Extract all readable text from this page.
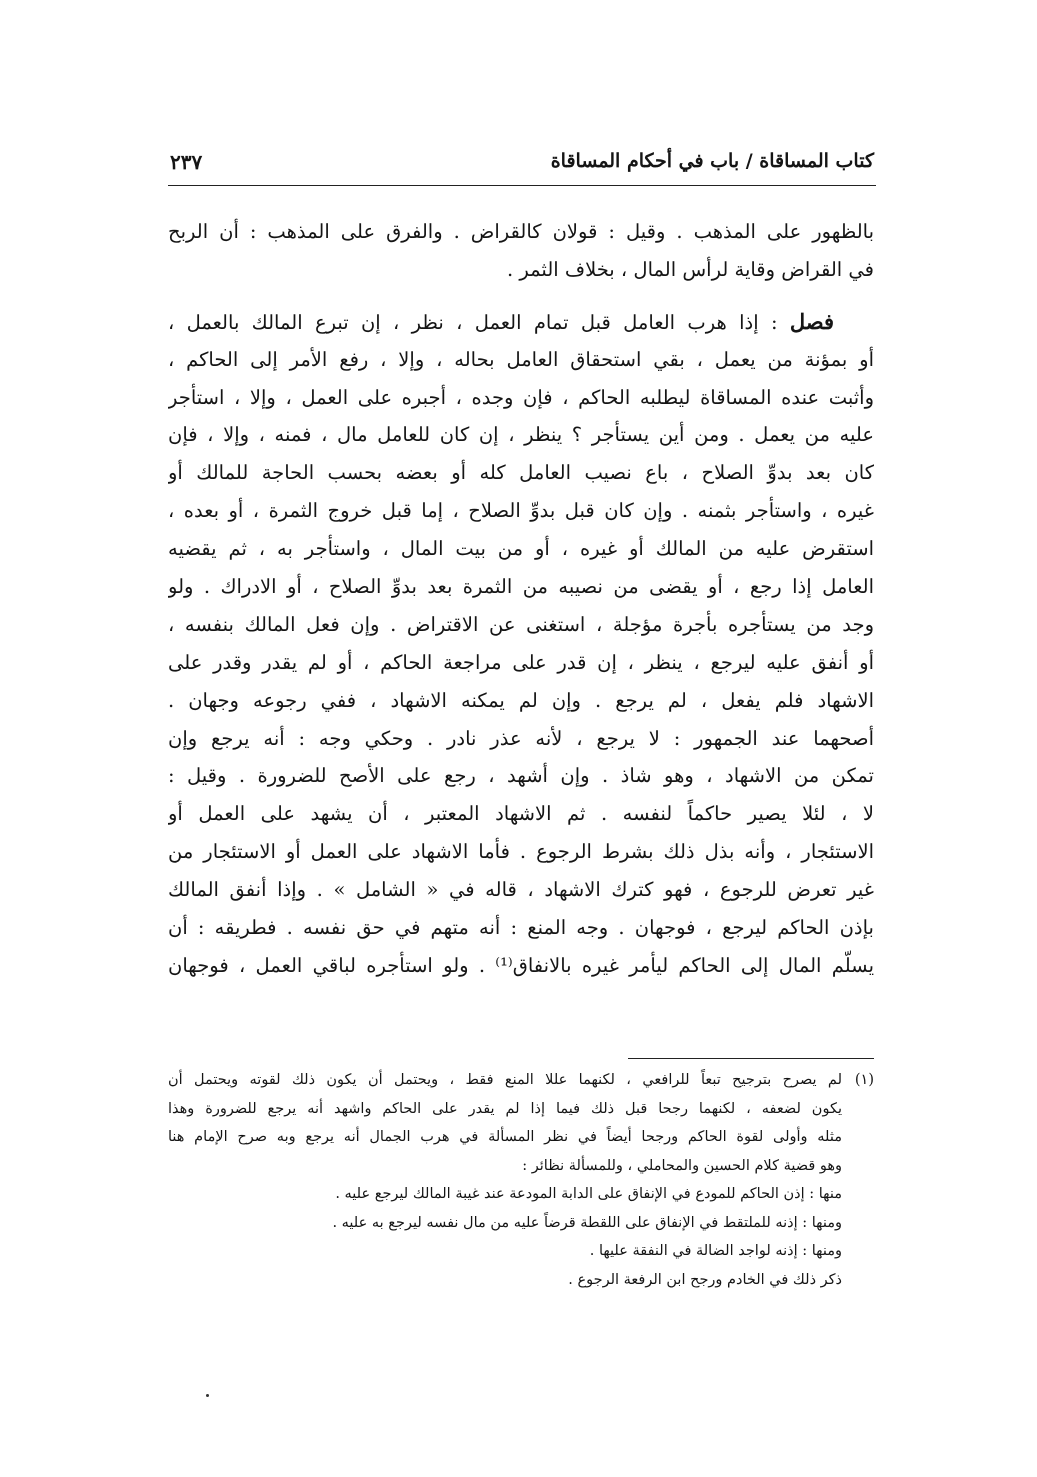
كتاب المساقاة / باب في أحكام المساقاة
٢٣٧
بالظهور على المذهب . وقيل : قولان كالقراض . والفرق على المذهب : أن الربح
في القراض وقاية لرأس المال ، بخلاف الثمر .
فصل : إذا هرب العامل قبل تمام العمل ، نظر ، إن تبرع المالك بالعمل ،
أو بمؤنة من يعمل ، بقي استحقاق العامل بحاله ، وإلا ، رفع الأمر إلى الحاكم ،
وأثبت عنده المساقاة ليطلبه الحاكم ، فإن وجده ، أجبره على العمل ، وإلا ، استأجر
عليه من يعمل . ومن أين يستأجر ؟ ينظر ، إن كان للعامل مال ، فمنه ، وإلا ، فإن
كان بعد بدوِّ الصلاح ، باع نصيب العامل كله أو بعضه بحسب الحاجة للمالك أو
غيره ، واستأجر بثمنه . وإن كان قبل بدوِّ الصلاح ، إما قبل خروج الثمرة ، أو بعده ،
استقرض عليه من المالك أو غيره ، أو من بيت المال ، واستأجر به ، ثم يقضيه
العامل إذا رجع ، أو يقضى من نصيبه من الثمرة بعد بدوِّ الصلاح ، أو الادراك . ولو
وجد من يستأجره بأجرة مؤجلة ، استغنى عن الاقتراض . وإن فعل المالك بنفسه ،
أو أنفق عليه ليرجع ، ينظر ، إن قدر على مراجعة الحاكم ، أو لم يقدر وقدر على
الاشهاد فلم يفعل ، لم يرجع . وإن لم يمكنه الاشهاد ، ففي رجوعه وجهان .
أصحهما عند الجمهور : لا يرجع ، لأنه عذر نادر . وحكي وجه : أنه يرجع وإن
تمكن من الاشهاد ، وهو شاذ . وإن أشهد ، رجع على الأصح للضرورة . وقيل :
لا ، لئلا يصير حاكماً لنفسه . ثم الاشهاد المعتبر ، أن يشهد على العمل أو
الاستئجار ، وأنه بذل ذلك بشرط الرجوع . فأما الاشهاد على العمل أو الاستئجار من
غير تعرض للرجوع ، فهو كترك الاشهاد ، قاله في « الشامل » . وإذا أنفق المالك
بإذن الحاكم ليرجع ، فوجهان . وجه المنع : أنه متهم في حق نفسه . فطريقه : أن
يسلّم المال إلى الحاكم ليأمر غيره بالانفاق⁽¹⁾ . ولو استأجره لباقي العمل ، فوجهان
(١)
لم يصرح بترجيح تبعاً للرافعي ، لكنهما عللا المنع فقط ، ويحتمل أن يكون ذلك لقوته ويحتمل أن
يكون لضعفه ، لكنهما رجحا قبل ذلك فيما إذا لم يقدر على الحاكم واشهد أنه يرجع للضرورة وهذا
مثله وأولى لقوة الحاكم ورجحا أيضاً في نظر المسألة في هرب الجمال أنه يرجع وبه صرح الإمام هنا
وهو قضية كلام الحسين والمحاملي ، وللمسألة نظائر :
منها : إذن الحاكم للمودع في الإنفاق على الدابة المودعة عند غيبة المالك ليرجع عليه .
ومنها : إذنه للملتقط في الإنفاق على اللقطة قرضاً عليه من مال نفسه ليرجع به عليه .
ومنها : إذنه لواجد الضالة في النفقة عليها .
ذكر ذلك في الخادم ورجح ابن الرفعة الرجوع .
